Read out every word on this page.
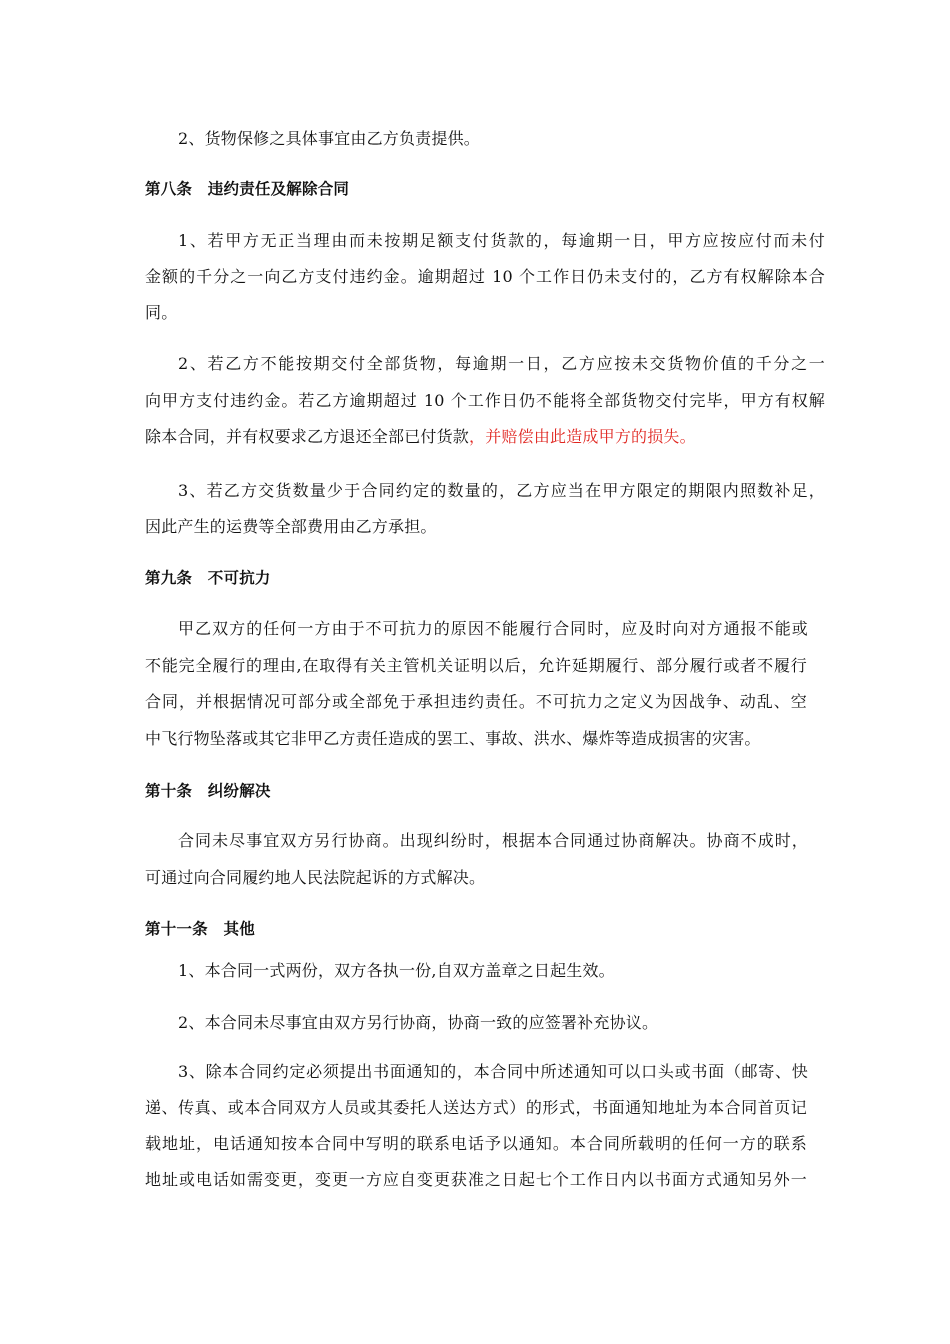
2、货物保修之具体事宜由乙方负责提供。
第八条　违约责任及解除合同
1、若甲方无正当理由而未按期足额支付货款的，每逾期一日，甲方应按应付而未付
金额的千分之一向乙方支付违约金。逾期超过 10 个工作日仍未支付的，乙方有权解除本合
同。
2、若乙方不能按期交付全部货物，每逾期一日，乙方应按未交货物价值的千分之一
向甲方支付违约金。若乙方逾期超过 10 个工作日仍不能将全部货物交付完毕，甲方有权解
除本合同，并有权要求乙方退还全部已付货款，并赔偿由此造成甲方的损失。
3、若乙方交货数量少于合同约定的数量的，乙方应当在甲方限定的期限内照数补足，
因此产生的运费等全部费用由乙方承担。
第九条　不可抗力
甲乙双方的任何一方由于不可抗力的原因不能履行合同时，应及时向对方通报不能或
不能完全履行的理由,在取得有关主管机关证明以后，允许延期履行、部分履行或者不履行
合同，并根据情况可部分或全部免于承担违约责任。不可抗力之定义为因战争、动乱、空
中飞行物坠落或其它非甲乙方责任造成的罢工、事故、洪水、爆炸等造成损害的灾害。
第十条　纠纷解决
合同未尽事宜双方另行协商。出现纠纷时，根据本合同通过协商解决。协商不成时，
可通过向合同履约地人民法院起诉的方式解决。
第十一条　其他
1、本合同一式两份，双方各执一份,自双方盖章之日起生效。
2、本合同未尽事宜由双方另行协商，协商一致的应签署补充协议。
3、除本合同约定必须提出书面通知的，本合同中所述通知可以口头或书面（邮寄、快
递、传真、或本合同双方人员或其委托人送达方式）的形式，书面通知地址为本合同首页记
载地址，电话通知按本合同中写明的联系电话予以通知。本合同所载明的任何一方的联系
地址或电话如需变更，变更一方应自变更获准之日起七个工作日内以书面方式通知另外一
